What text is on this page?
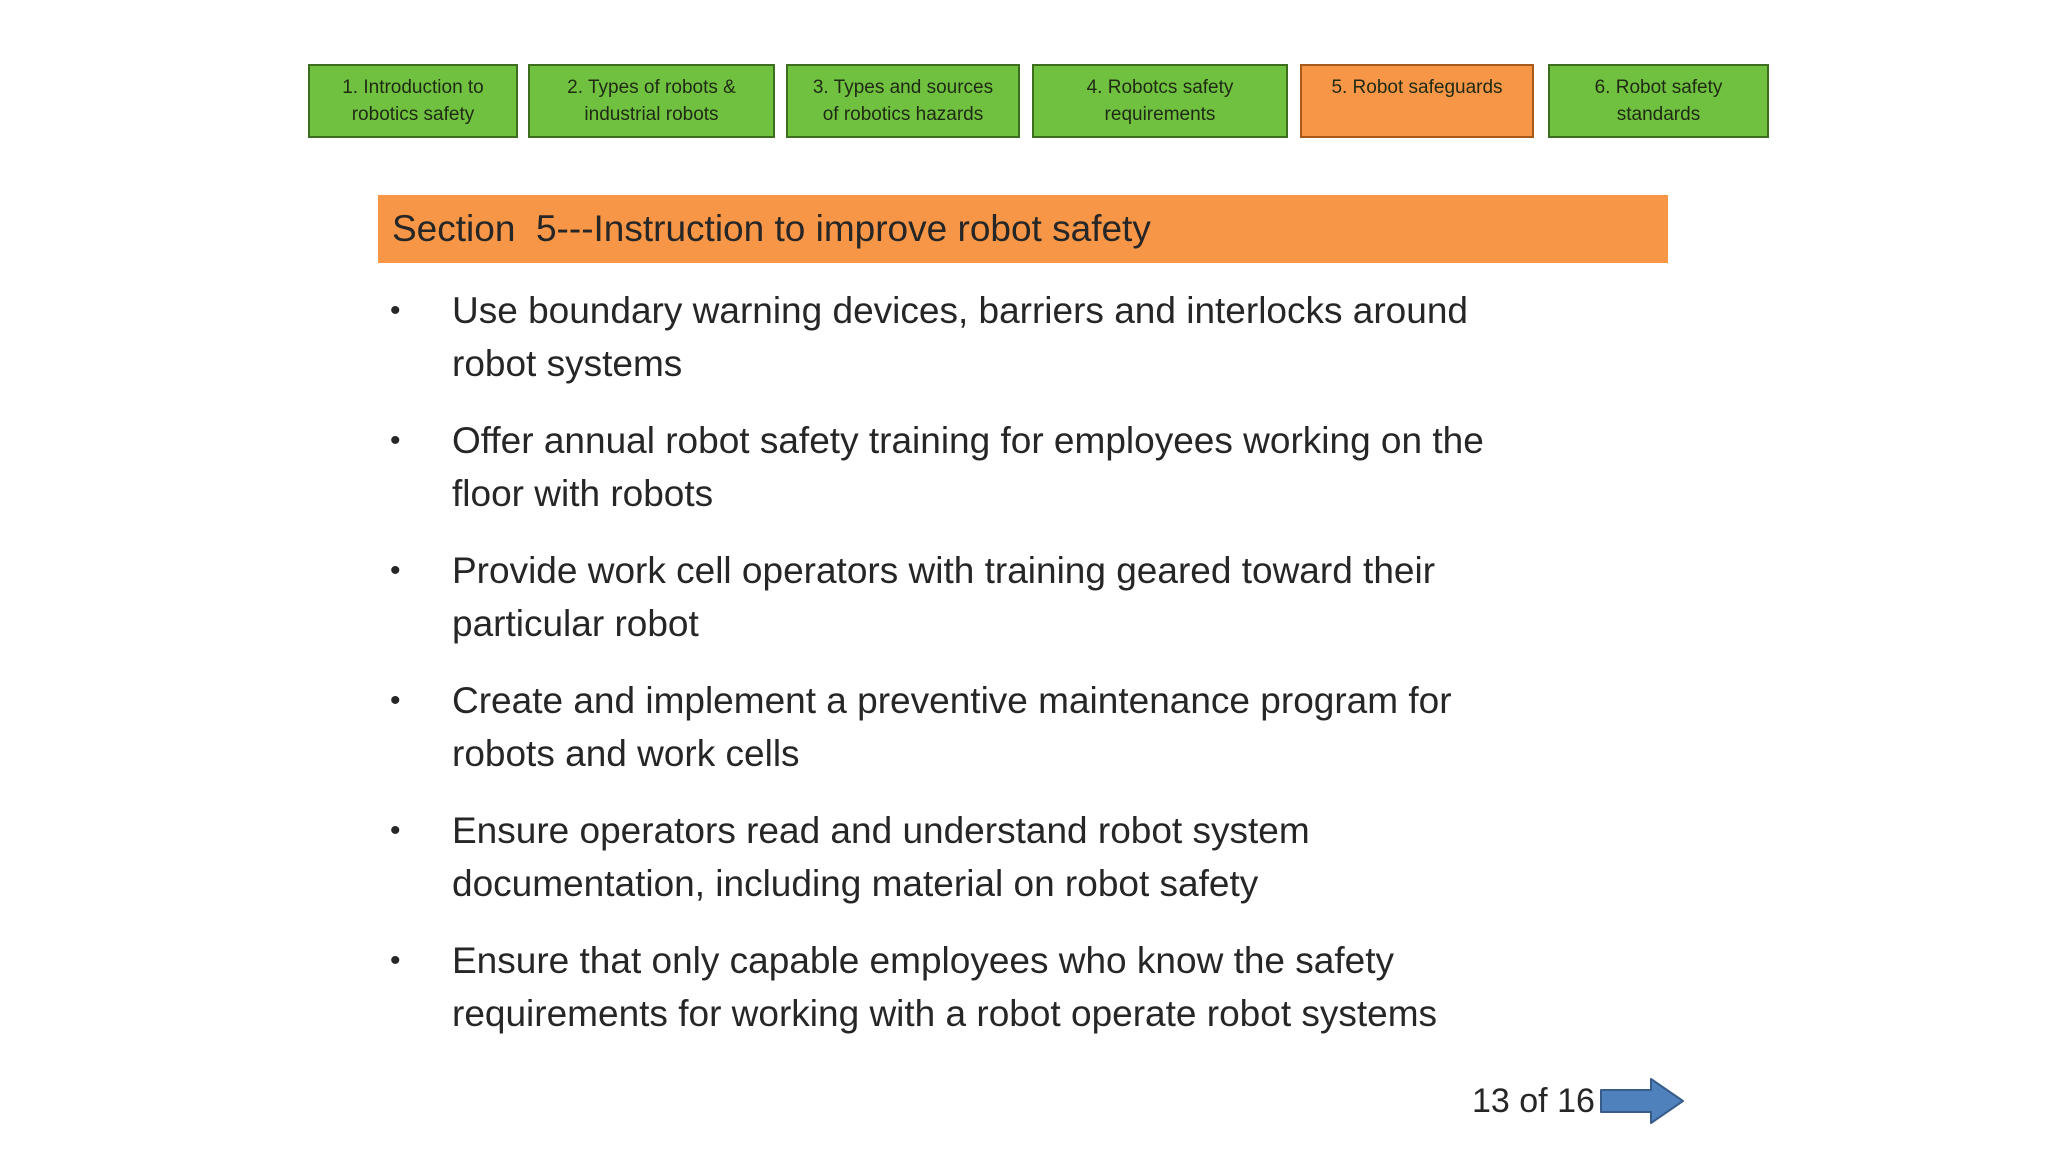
1. Introduction to
robotics safety
2. Types of robots &
industrial robots
3. Types and sources
of robotics hazards
4. Robotcs safety
requirements
5. Robot safeguards	6. Robot safety
standards
Section  5---Instruction to improve robot safety
• Use boundary warning devices, barriers and interlocks around
robot systems
• Offer annual robot safety training for employees working on the
floor with robots
• Provide work cell operators with training geared toward their
particular robot
• Create and implement a preventive maintenance program for
robots and work cells
• Ensure operators read and understand robot system
documentation, including material on robot safety
• Ensure that only capable employees who know the safety
requirements for working with a robot operate robot systems
13 of 16
